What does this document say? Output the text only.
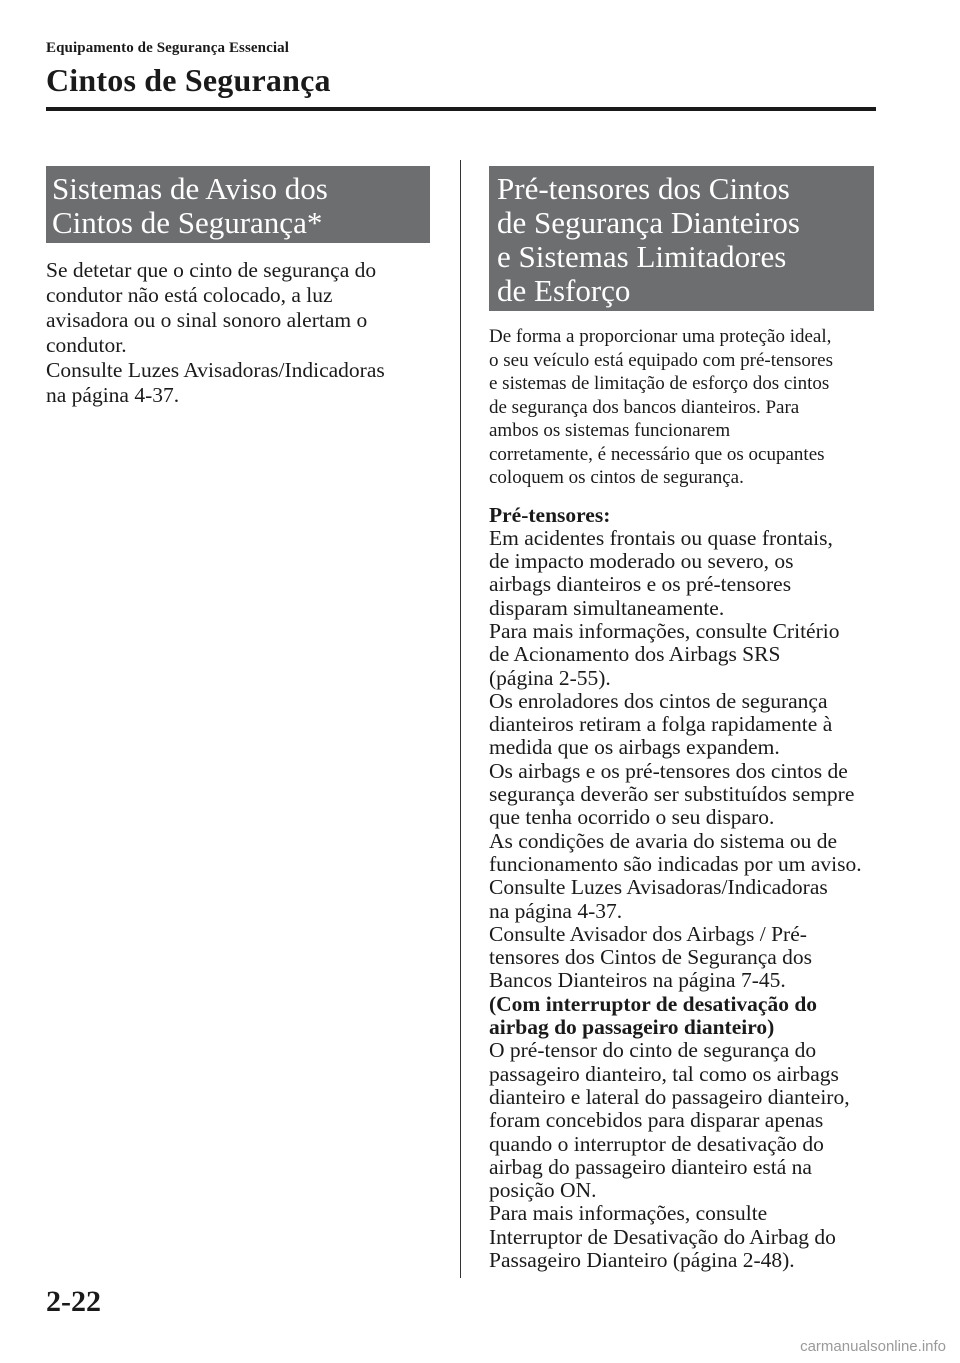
Equipamento de Segurança Essencial
Cintos de Segurança
Sistemas de Aviso dos
Cintos de Segurança*
Se detetar que o cinto de segurança do
condutor não está colocado, a luz
avisadora ou o sinal sonoro alertam o
condutor.
Consulte Luzes Avisadoras/Indicadoras
na página 4-37.
Pré-tensores dos Cintos
de Segurança Dianteiros
e Sistemas Limitadores
de Esforço
De forma a proporcionar uma proteção ideal,
o seu veículo está equipado com pré-tensores
e sistemas de limitação de esforço dos cintos
de segurança dos bancos dianteiros. Para
ambos os sistemas funcionarem
corretamente, é necessário que os ocupantes
coloquem os cintos de segurança.
Pré-tensores:
Em acidentes frontais ou quase frontais,
de impacto moderado ou severo, os
airbags dianteiros e os pré-tensores
disparam simultaneamente.
Para mais informações, consulte Critério
de Acionamento dos Airbags SRS
(página 2-55).
Os enroladores dos cintos de segurança
dianteiros retiram a folga rapidamente à
medida que os airbags expandem.
Os airbags e os pré-tensores dos cintos de
segurança deverão ser substituídos sempre
que tenha ocorrido o seu disparo.
As condições de avaria do sistema ou de
funcionamento são indicadas por um aviso.
Consulte Luzes Avisadoras/Indicadoras
na página 4-37.
Consulte Avisador dos Airbags / Pré-
tensores dos Cintos de Segurança dos
Bancos Dianteiros na página 7-45.
(Com interruptor de desativação do
airbag do passageiro dianteiro)
O pré-tensor do cinto de segurança do
passageiro dianteiro, tal como os airbags
dianteiro e lateral do passageiro dianteiro,
foram concebidos para disparar apenas
quando o interruptor de desativação do
airbag do passageiro dianteiro está na
posição ON.
Para mais informações, consulte
Interruptor de Desativação do Airbag do
Passageiro Dianteiro (página 2-48).
2-22
carmanualsonline.info
